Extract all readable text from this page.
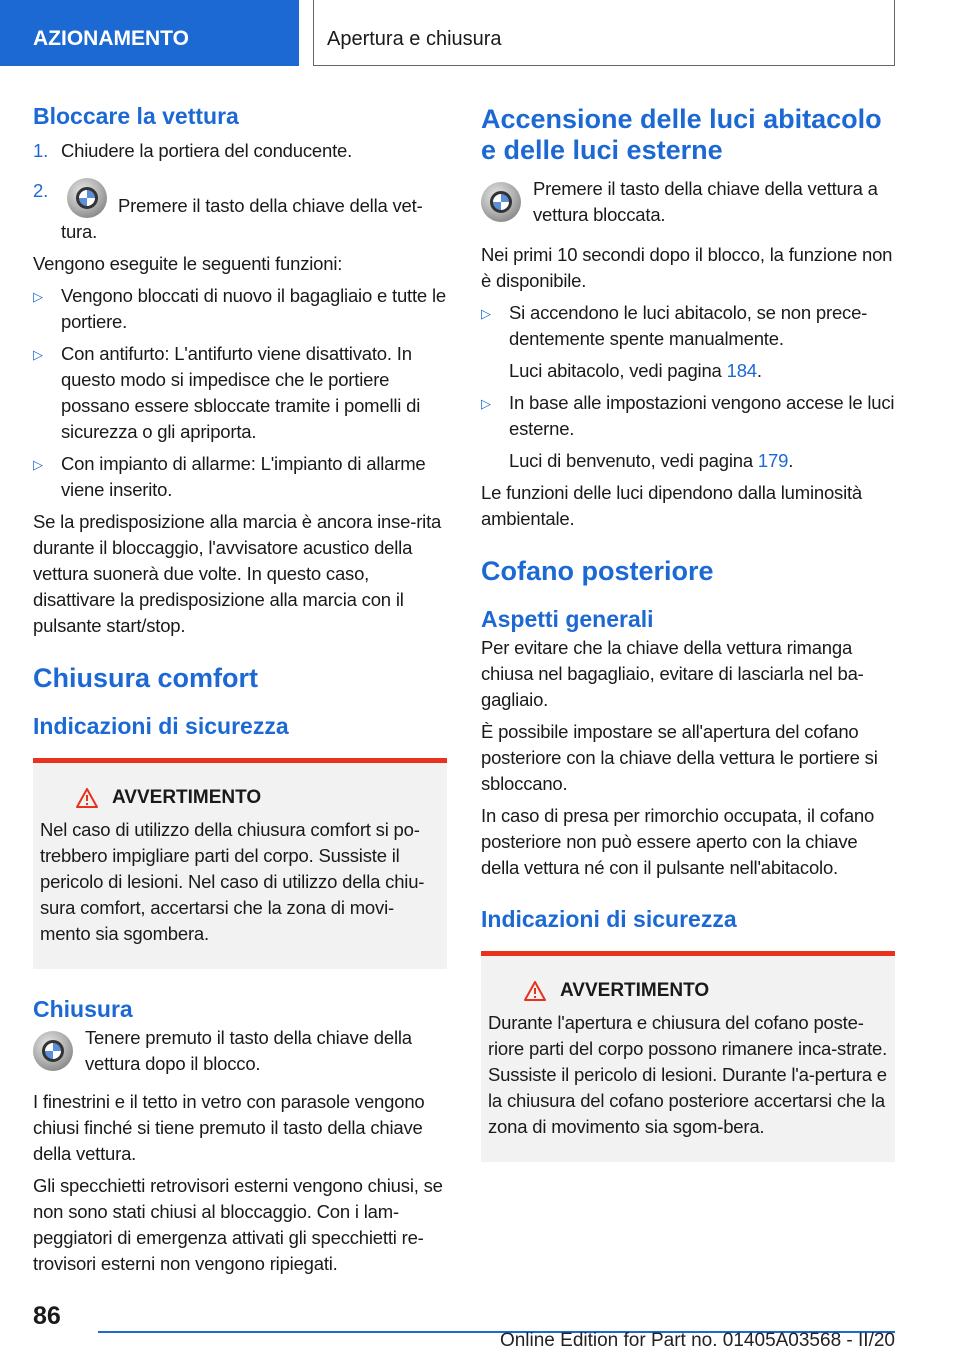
AZIONAMENTO	Apertura e chiusura
Bloccare la vettura
1. Chiudere la portiera del conducente.
2.
Premere il tasto della chiave della vet-tura.
Vengono eseguite le seguenti funzioni:
▷ Vengono bloccati di nuovo il bagagliaio e tutte le portiere.
▷ Con antifurto: L'antifurto viene disattivato. In questo modo si impedisce che le portiere possano essere sbloccate tramite i pomelli di sicurezza o gli apriporta.
▷ Con impianto di allarme: L'impianto di allarme viene inserito.
Se la predisposizione alla marcia è ancora inse-rita durante il bloccaggio, l'avvisatore acustico della vettura suonerà due volte. In questo caso, disattivare la predisposizione alla marcia con il pulsante start/stop.
Chiusura comfort
Indicazioni di sicurezza
AVVERTIMENTO
Nel caso di utilizzo della chiusura comfort si po-trebbero impigliare parti del corpo. Sussiste il pericolo di lesioni. Nel caso di utilizzo della chiu-sura comfort, accertarsi che la zona di movi-mento sia sgombera.
Chiusura
Tenere premuto il tasto della chiave della vettura dopo il blocco.
I finestrini e il tetto in vetro con parasole vengono chiusi finché si tiene premuto il tasto della chiave della vettura.
Gli specchietti retrovisori esterni vengono chiusi, se non sono stati chiusi al bloccaggio. Con i lam-peggiatori di emergenza attivati gli specchietti re-trovisori esterni non vengono ripiegati.
Accensione delle luci abitacolo e delle luci esterne
Premere il tasto della chiave della vettura a vettura bloccata.
Nei primi 10 secondi dopo il blocco, la funzione non è disponibile.
▷ Si accendono le luci abitacolo, se non prece-dentemente spente manualmente.
Luci abitacolo, vedi pagina 184.
▷ In base alle impostazioni vengono accese le luci esterne.
Luci di benvenuto, vedi pagina 179.
Le funzioni delle luci dipendono dalla luminosità ambientale.
Cofano posteriore
Aspetti generali
Per evitare che la chiave della vettura rimanga chiusa nel bagagliaio, evitare di lasciarla nel ba-gagliaio.
È possibile impostare se all'apertura del cofano posteriore con la chiave della vettura le portiere si sbloccano.
In caso di presa per rimorchio occupata, il cofano posteriore non può essere aperto con la chiave della vettura né con il pulsante nell'abitacolo.
Indicazioni di sicurezza
AVVERTIMENTO
Durante l'apertura e chiusura del cofano poste-riore parti del corpo possono rimanere inca-strate. Sussiste il pericolo di lesioni. Durante l'a-pertura e la chiusura del cofano posteriore accertarsi che la zona di movimento sia sgom-bera.
86
Online Edition for Part no. 01405A03568 - II/20
